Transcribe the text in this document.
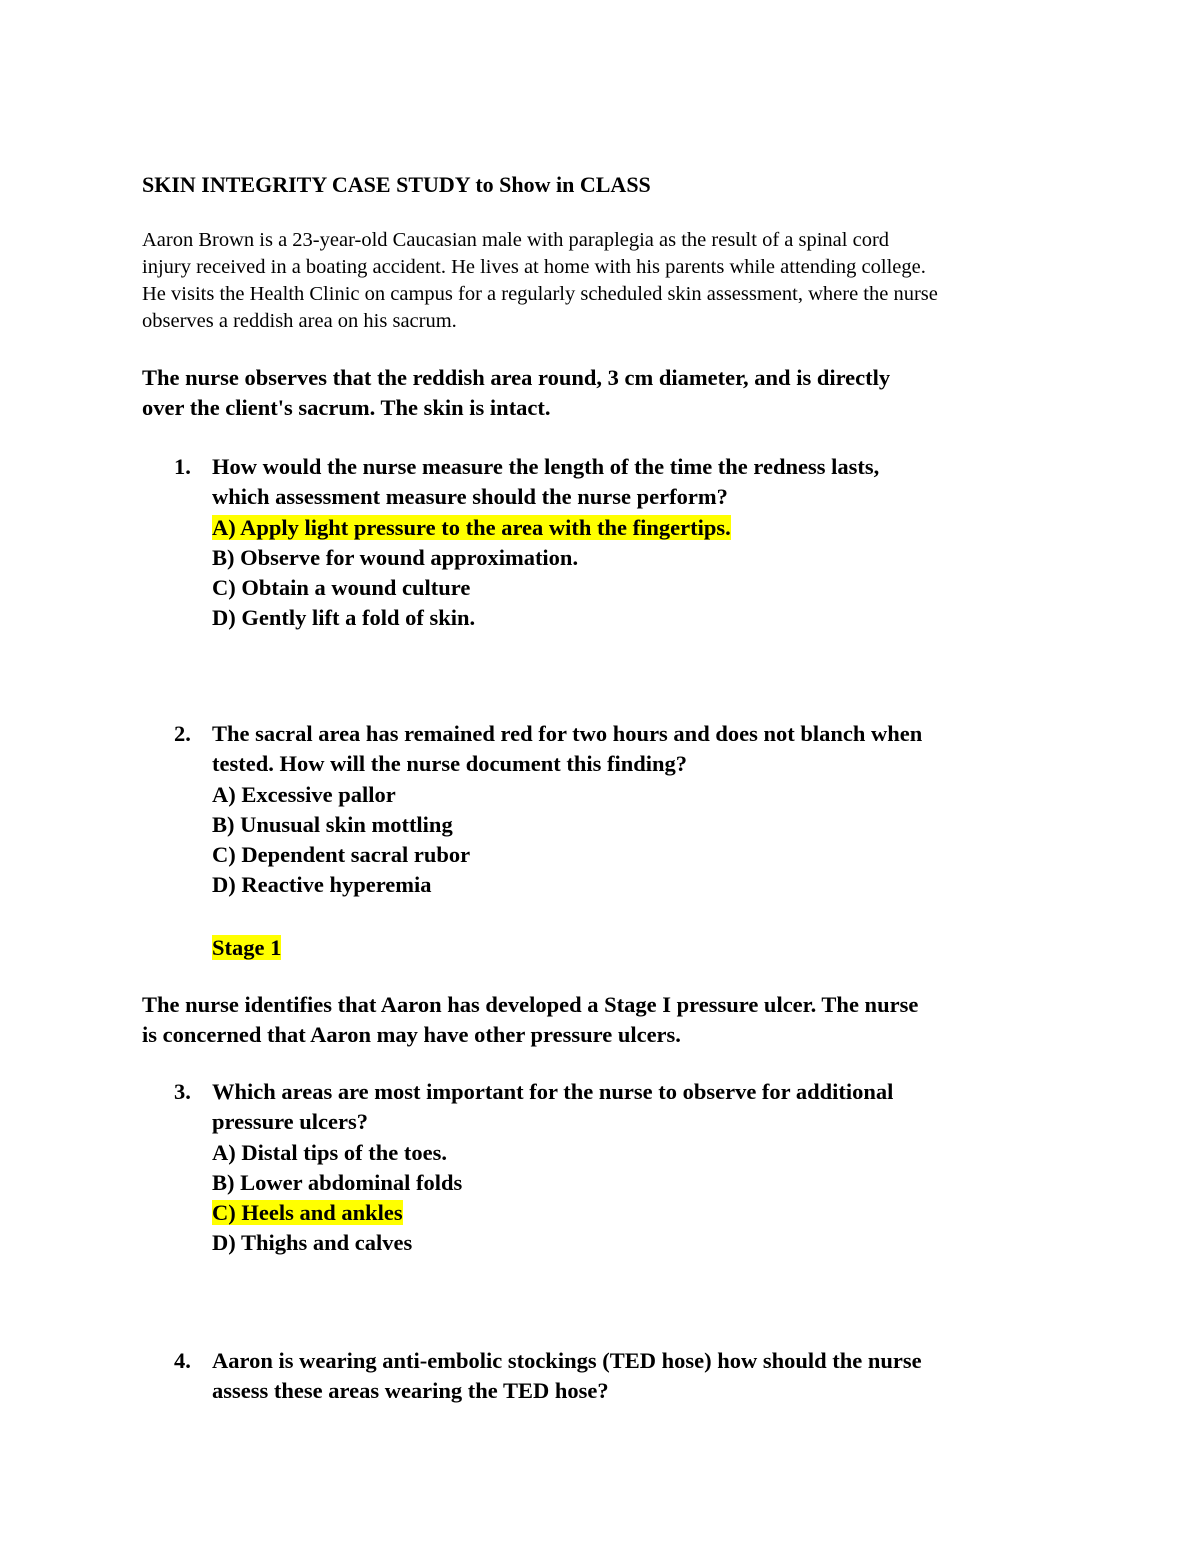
SKIN INTEGRITY CASE STUDY to Show in CLASS
Aaron Brown is a 23-year-old Caucasian male with paraplegia as the result of a spinal cord
injury received in a boating accident. He lives at home with his parents while attending college.
He visits the Health Clinic on campus for a regularly scheduled skin assessment, where the nurse
observes a reddish area on his sacrum.
The nurse observes that the reddish area round, 3 cm diameter, and is directly
over the client's sacrum. The skin is intact.
1. How would the nurse measure the length of the time the redness lasts,
which assessment measure should the nurse perform?
A) Apply light pressure to the area with the fingertips.
B) Observe for wound approximation.
C) Obtain a wound culture
D) Gently lift a fold of skin.
2. The sacral area has remained red for two hours and does not blanch when
tested. How will the nurse document this finding?
A) Excessive pallor
B) Unusual skin mottling
C) Dependent sacral rubor
D) Reactive hyperemia
Stage 1
The nurse identifies that Aaron has developed a Stage I pressure ulcer. The nurse
is concerned that Aaron may have other pressure ulcers.
3. Which areas are most important for the nurse to observe for additional
pressure ulcers?
A) Distal tips of the toes.
B) Lower abdominal folds
C) Heels and ankles
D) Thighs and calves
4. Aaron is wearing anti-embolic stockings (TED hose) how should the nurse
assess these areas wearing the TED hose?
